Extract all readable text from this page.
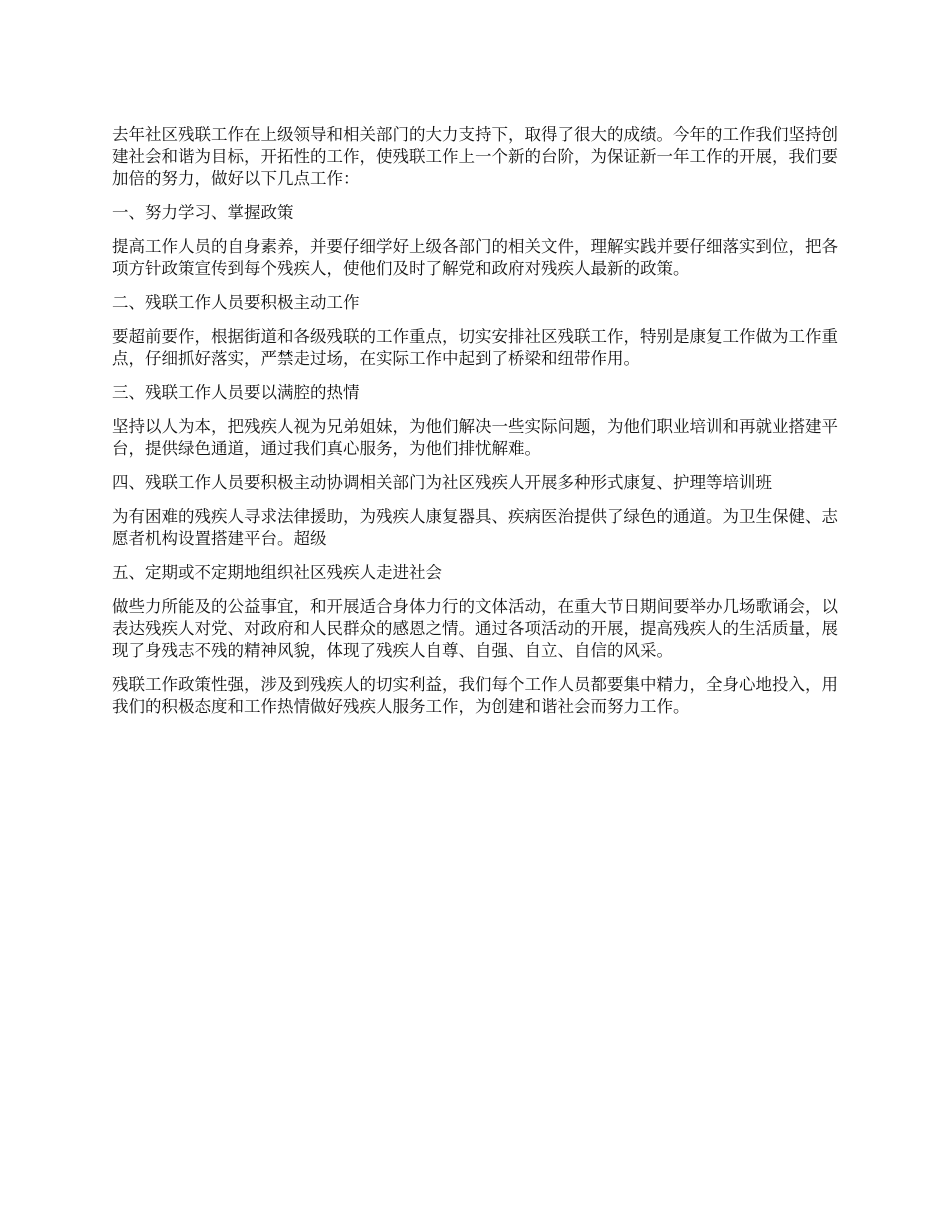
去年社区残联工作在上级领导和相关部门的大力支持下，取得了很大的成绩。今年的工作我们坚持创建社会和谐为目标，开拓性的工作，使残联工作上一个新的台阶，为保证新一年工作的开展，我们要加倍的努力，做好以下几点工作：

一、努力学习、掌握政策

提高工作人员的自身素养，并要仔细学好上级各部门的相关文件，理解实践并要仔细落实到位，把各项方针政策宣传到每个残疾人，使他们及时了解党和政府对残疾人最新的政策。

二、残联工作人员要积极主动工作

要超前要作，根据街道和各级残联的工作重点，切实安排社区残联工作，特别是康复工作做为工作重点，仔细抓好落实，严禁走过场，在实际工作中起到了桥梁和纽带作用。

三、残联工作人员要以满腔的热情

坚持以人为本，把残疾人视为兄弟姐妹，为他们解决一些实际问题，为他们职业培训和再就业搭建平台，提供绿色通道，通过我们真心服务，为他们排忧解难。

四、残联工作人员要积极主动协调相关部门为社区残疾人开展多种形式康复、护理等培训班

为有困难的残疾人寻求法律援助，为残疾人康复器具、疾病医治提供了绿色的通道。为卫生保健、志愿者机构设置搭建平台。超级

五、定期或不定期地组织社区残疾人走进社会

做些力所能及的公益事宜，和开展适合身体力行的文体活动，在重大节日期间要举办几场歌诵会，以表达残疾人对党、对政府和人民群众的感恩之情。通过各项活动的开展，提高残疾人的生活质量，展现了身残志不残的精神风貌，体现了残疾人自尊、自强、自立、自信的风采。

残联工作政策性强，涉及到残疾人的切实利益，我们每个工作人员都要集中精力，全身心地投入，用我们的积极态度和工作热情做好残疾人服务工作，为创建和谐社会而努力工作。
